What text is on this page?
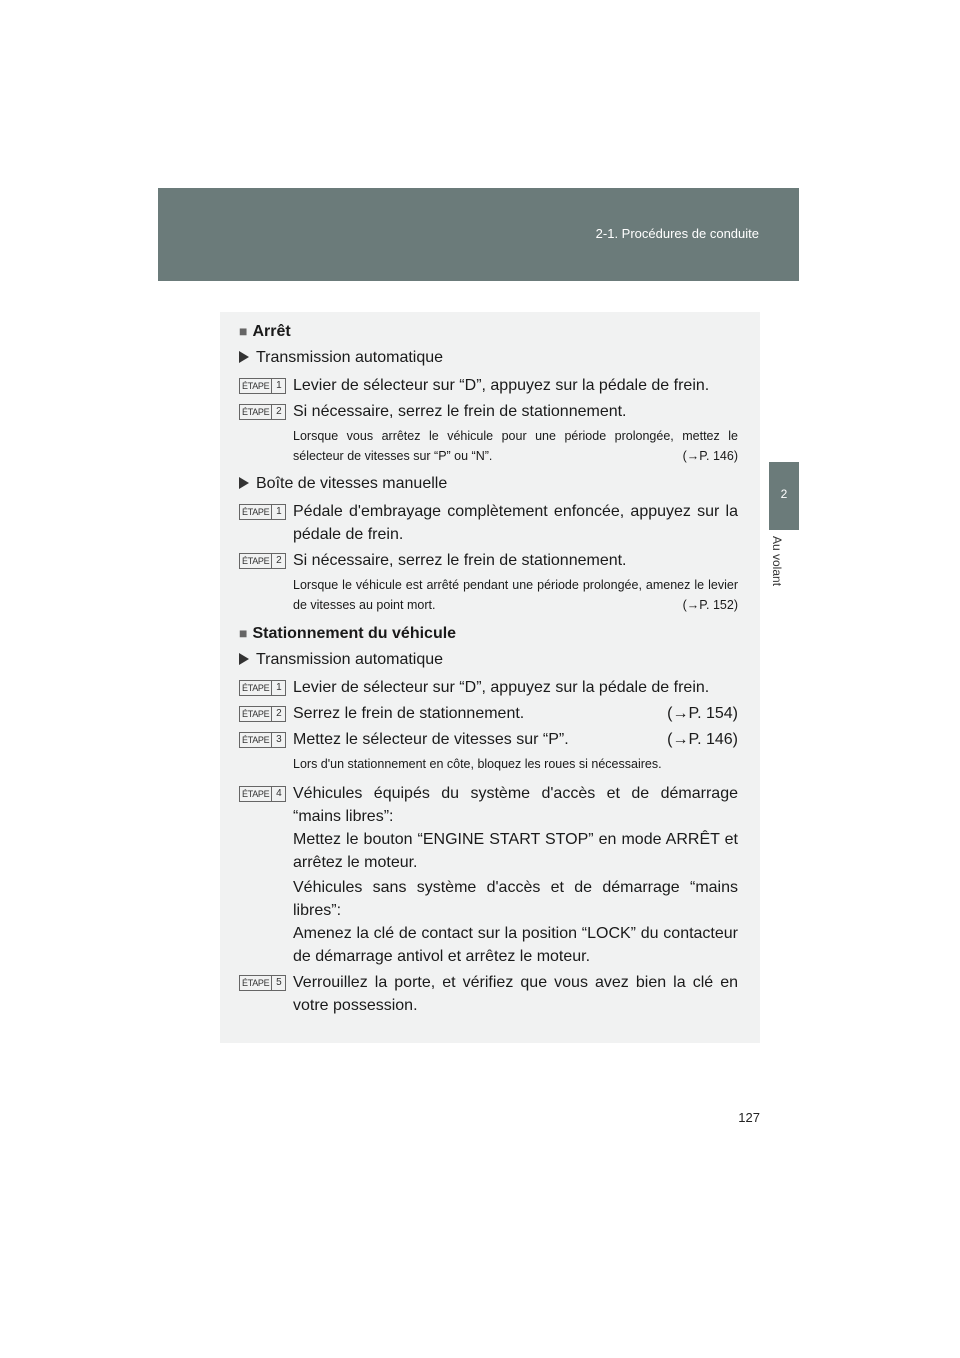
2-1. Procédures de conduite
2
Au volant
■ Arrêt
Transmission automatique
ÉTAPE 1 Levier de sélecteur sur “D”, appuyez sur la pédale de frein.
ÉTAPE 2 Si nécessaire, serrez le frein de stationnement.
Lorsque vous arrêtez le véhicule pour une période prolongée, mettez le sélecteur de vitesses sur “P” ou “N”.	(→P. 146)
Boîte de vitesses manuelle
ÉTAPE 1 Pédale d'embrayage complètement enfoncée, appuyez sur la pédale de frein.
ÉTAPE 2 Si nécessaire, serrez le frein de stationnement.
Lorsque le véhicule est arrêté pendant une période prolongée, amenez le levier de vitesses au point mort.	(→P. 152)
■ Stationnement du véhicule
Transmission automatique
ÉTAPE 1 Levier de sélecteur sur “D”, appuyez sur la pédale de frein.
ÉTAPE 2 Serrez le frein de stationnement.	(→P. 154)
ÉTAPE 3 Mettez le sélecteur de vitesses sur “P”.	(→P. 146)
Lors d'un stationnement en côte, bloquez les roues si nécessaires.
ÉTAPE 4 Véhicules équipés du système d'accès et de démarrage “mains libres”:
Mettez le bouton “ENGINE START STOP” en mode ARRÊT et arrêtez le moteur.
Véhicules sans système d'accès et de démarrage “mains libres”:
Amenez la clé de contact sur la position “LOCK” du contacteur de démarrage antivol et arrêtez le moteur.
ÉTAPE 5 Verrouillez la porte, et vérifiez que vous avez bien la clé en votre possession.
127
